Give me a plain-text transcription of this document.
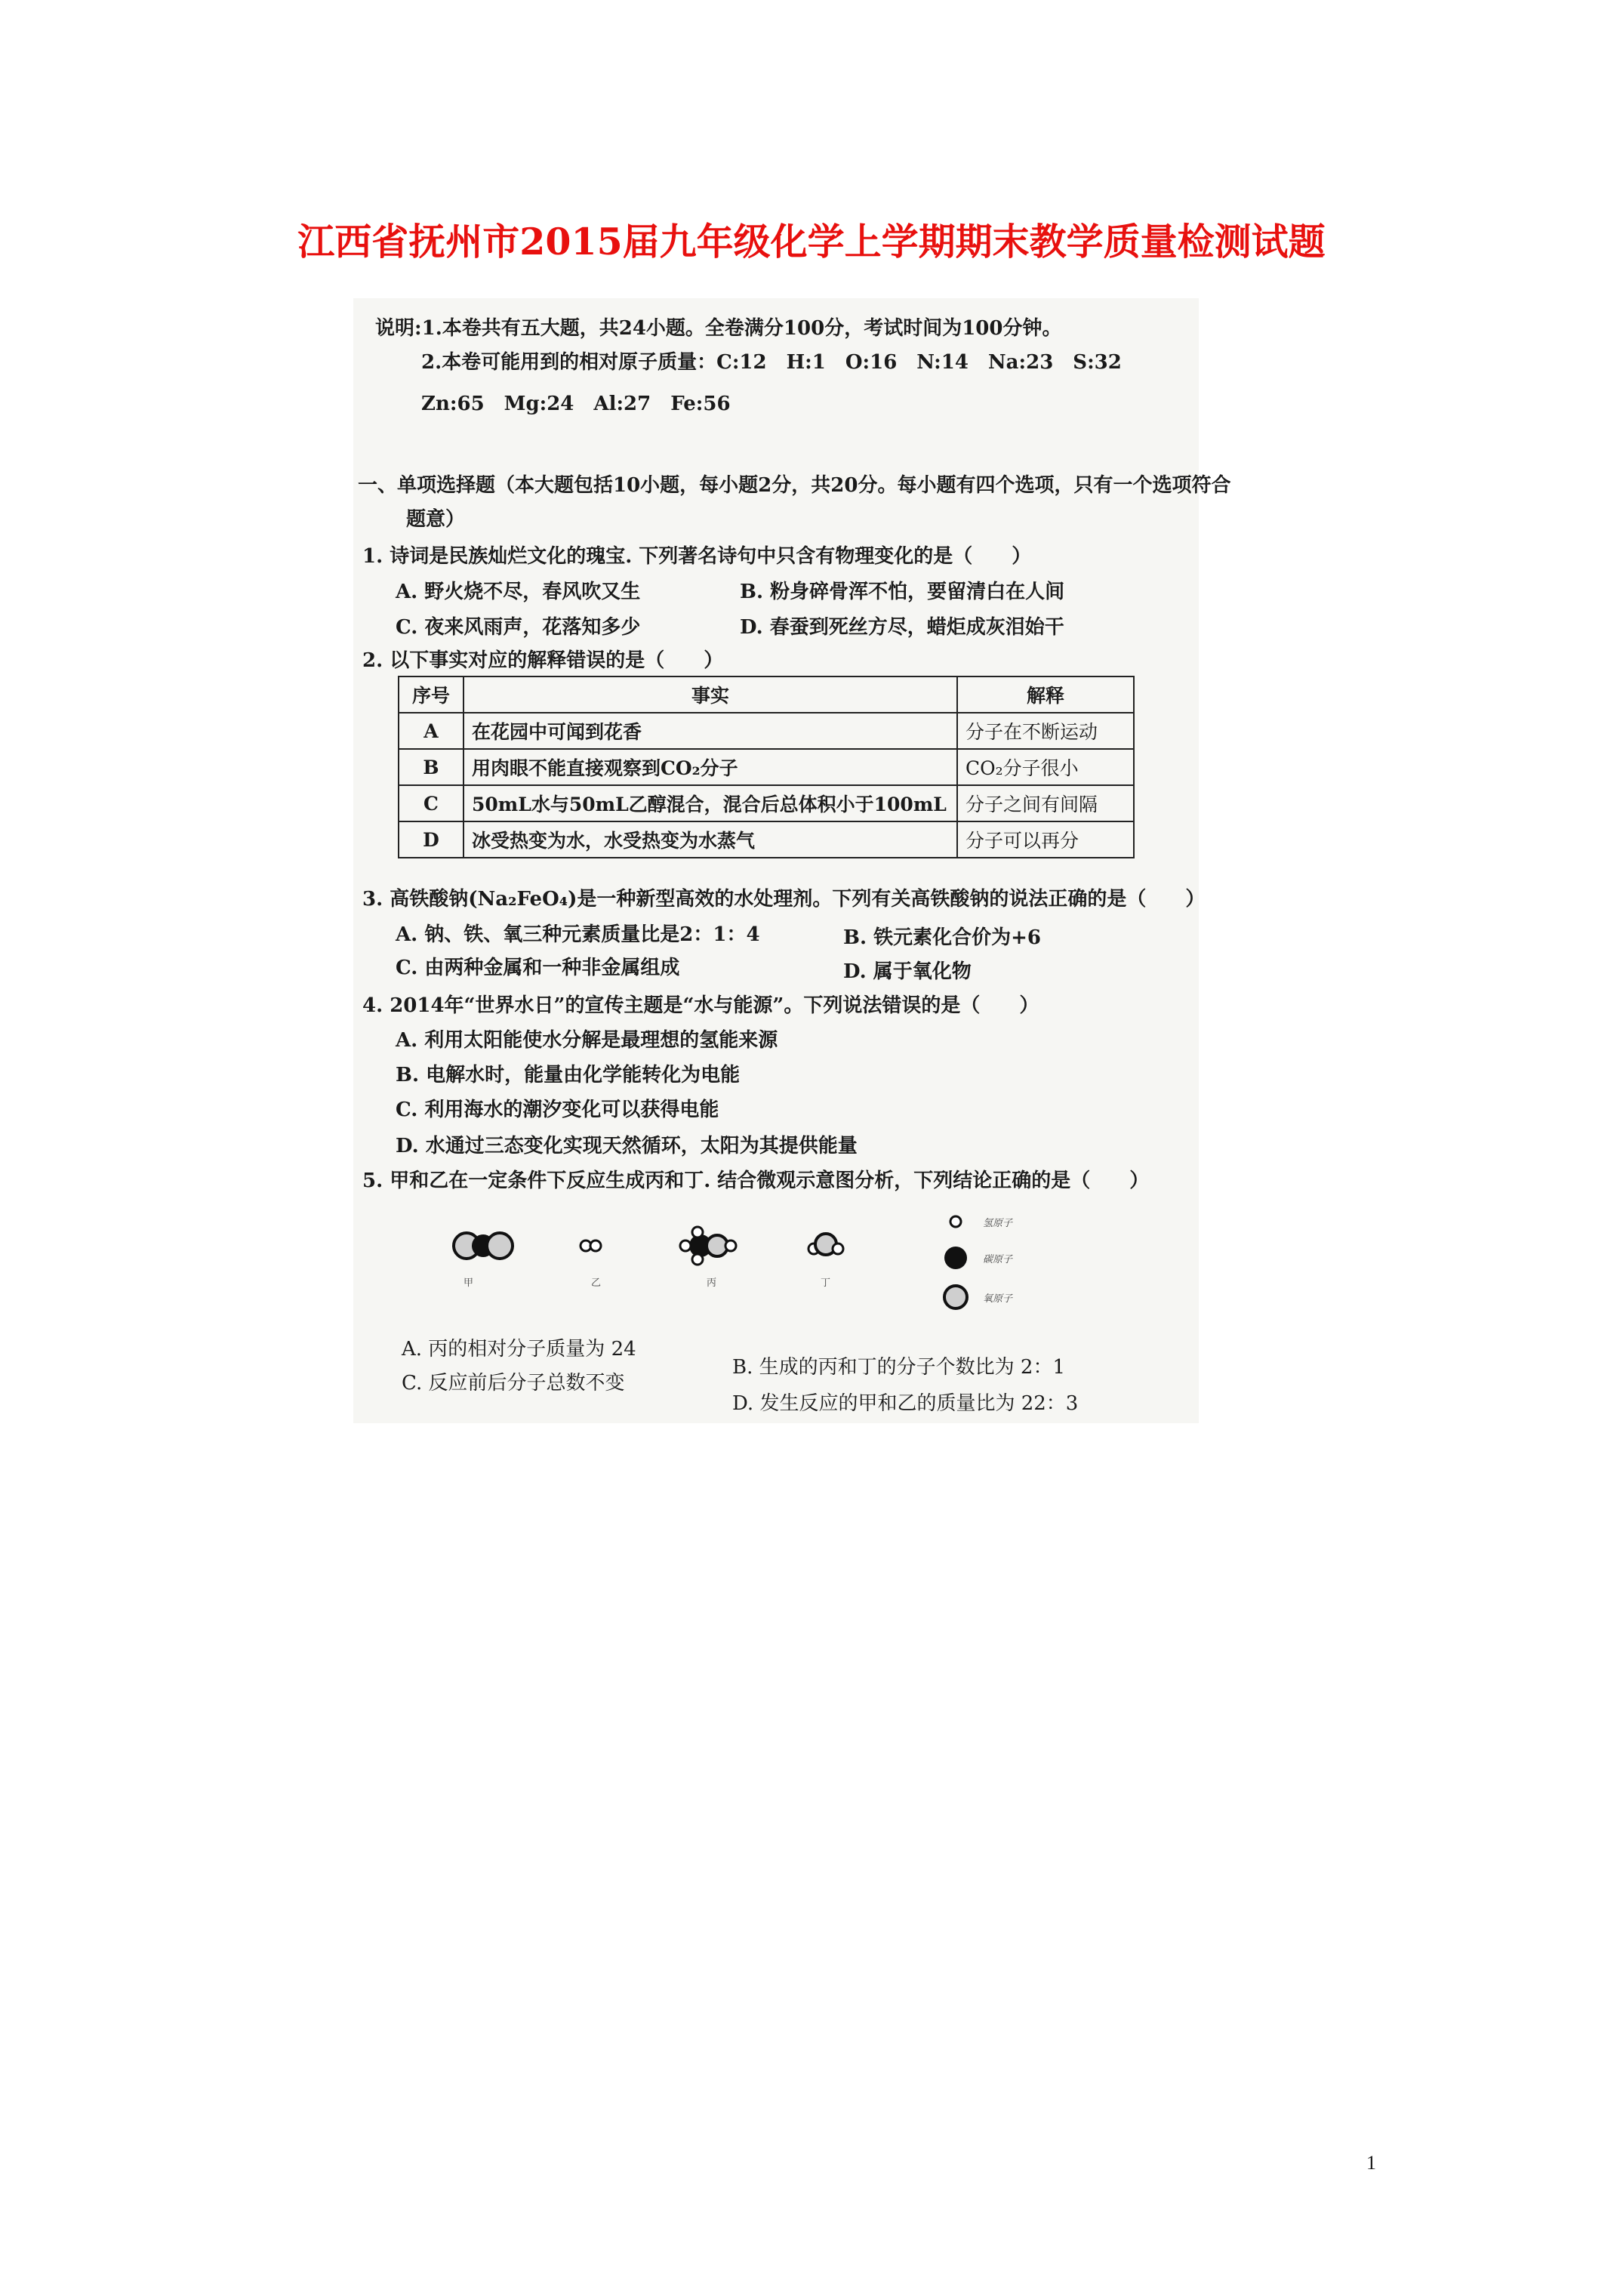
江西省抚州市2015届九年级化学上学期期末教学质量检测试题
说明:1.本卷共有五大题，共24小题。全卷满分100分，考试时间为100分钟。
2.本卷可能用到的相对原子质量：C:12　H:1　O:16　N:14　Na:23　S:32
Zn:65　Mg:24　Al:27　Fe:56
一、单项选择题（本大题包括10小题，每小题2分，共20分。每小题有四个选项，只有一个选项符合
题意）
1. 诗词是民族灿烂文化的瑰宝. 下列著名诗句中只含有物理变化的是（　　）
A. 野火烧不尽，春风吹又生	B. 粉身碎骨浑不怕，要留清白在人间
C. 夜来风雨声，花落知多少	D. 春蚕到死丝方尽，蜡炬成灰泪始干
2. 以下事实对应的解释错误的是（　　）
序号	事实	解释
A	在花园中可闻到花香	分子在不断运动
B	用肉眼不能直接观察到CO₂分子	CO₂分子很小
C	50mL水与50mL乙醇混合，混合后总体积小于100mL	分子之间有间隔
D	冰受热变为水，水受热变为水蒸气	分子可以再分
3. 高铁酸钠(Na₂FeO₄)是一种新型高效的水处理剂。下列有关高铁酸钠的说法正确的是（　　）
A. 钠、铁、氧三种元素质量比是2：1：4	B. 铁元素化合价为+6
C. 由两种金属和一种非金属组成	D. 属于氧化物
4. 2014年“世界水日”的宣传主题是“水与能源”。下列说法错误的是（　　）
A. 利用太阳能使水分解是最理想的氢能来源
B. 电解水时，能量由化学能转化为电能
C. 利用海水的潮汐变化可以获得电能
D. 水通过三态变化实现天然循环，太阳为其提供能量
5. 甲和乙在一定条件下反应生成丙和丁. 结合微观示意图分析，下列结论正确的是（　　）
甲	乙	丙	丁
氢原子
碳原子
氧原子
A. 丙的相对分子质量为 24
B. 生成的丙和丁的分子个数比为 2：1
C. 反应前后分子总数不变
D. 发生反应的甲和乙的质量比为 22：3
1
